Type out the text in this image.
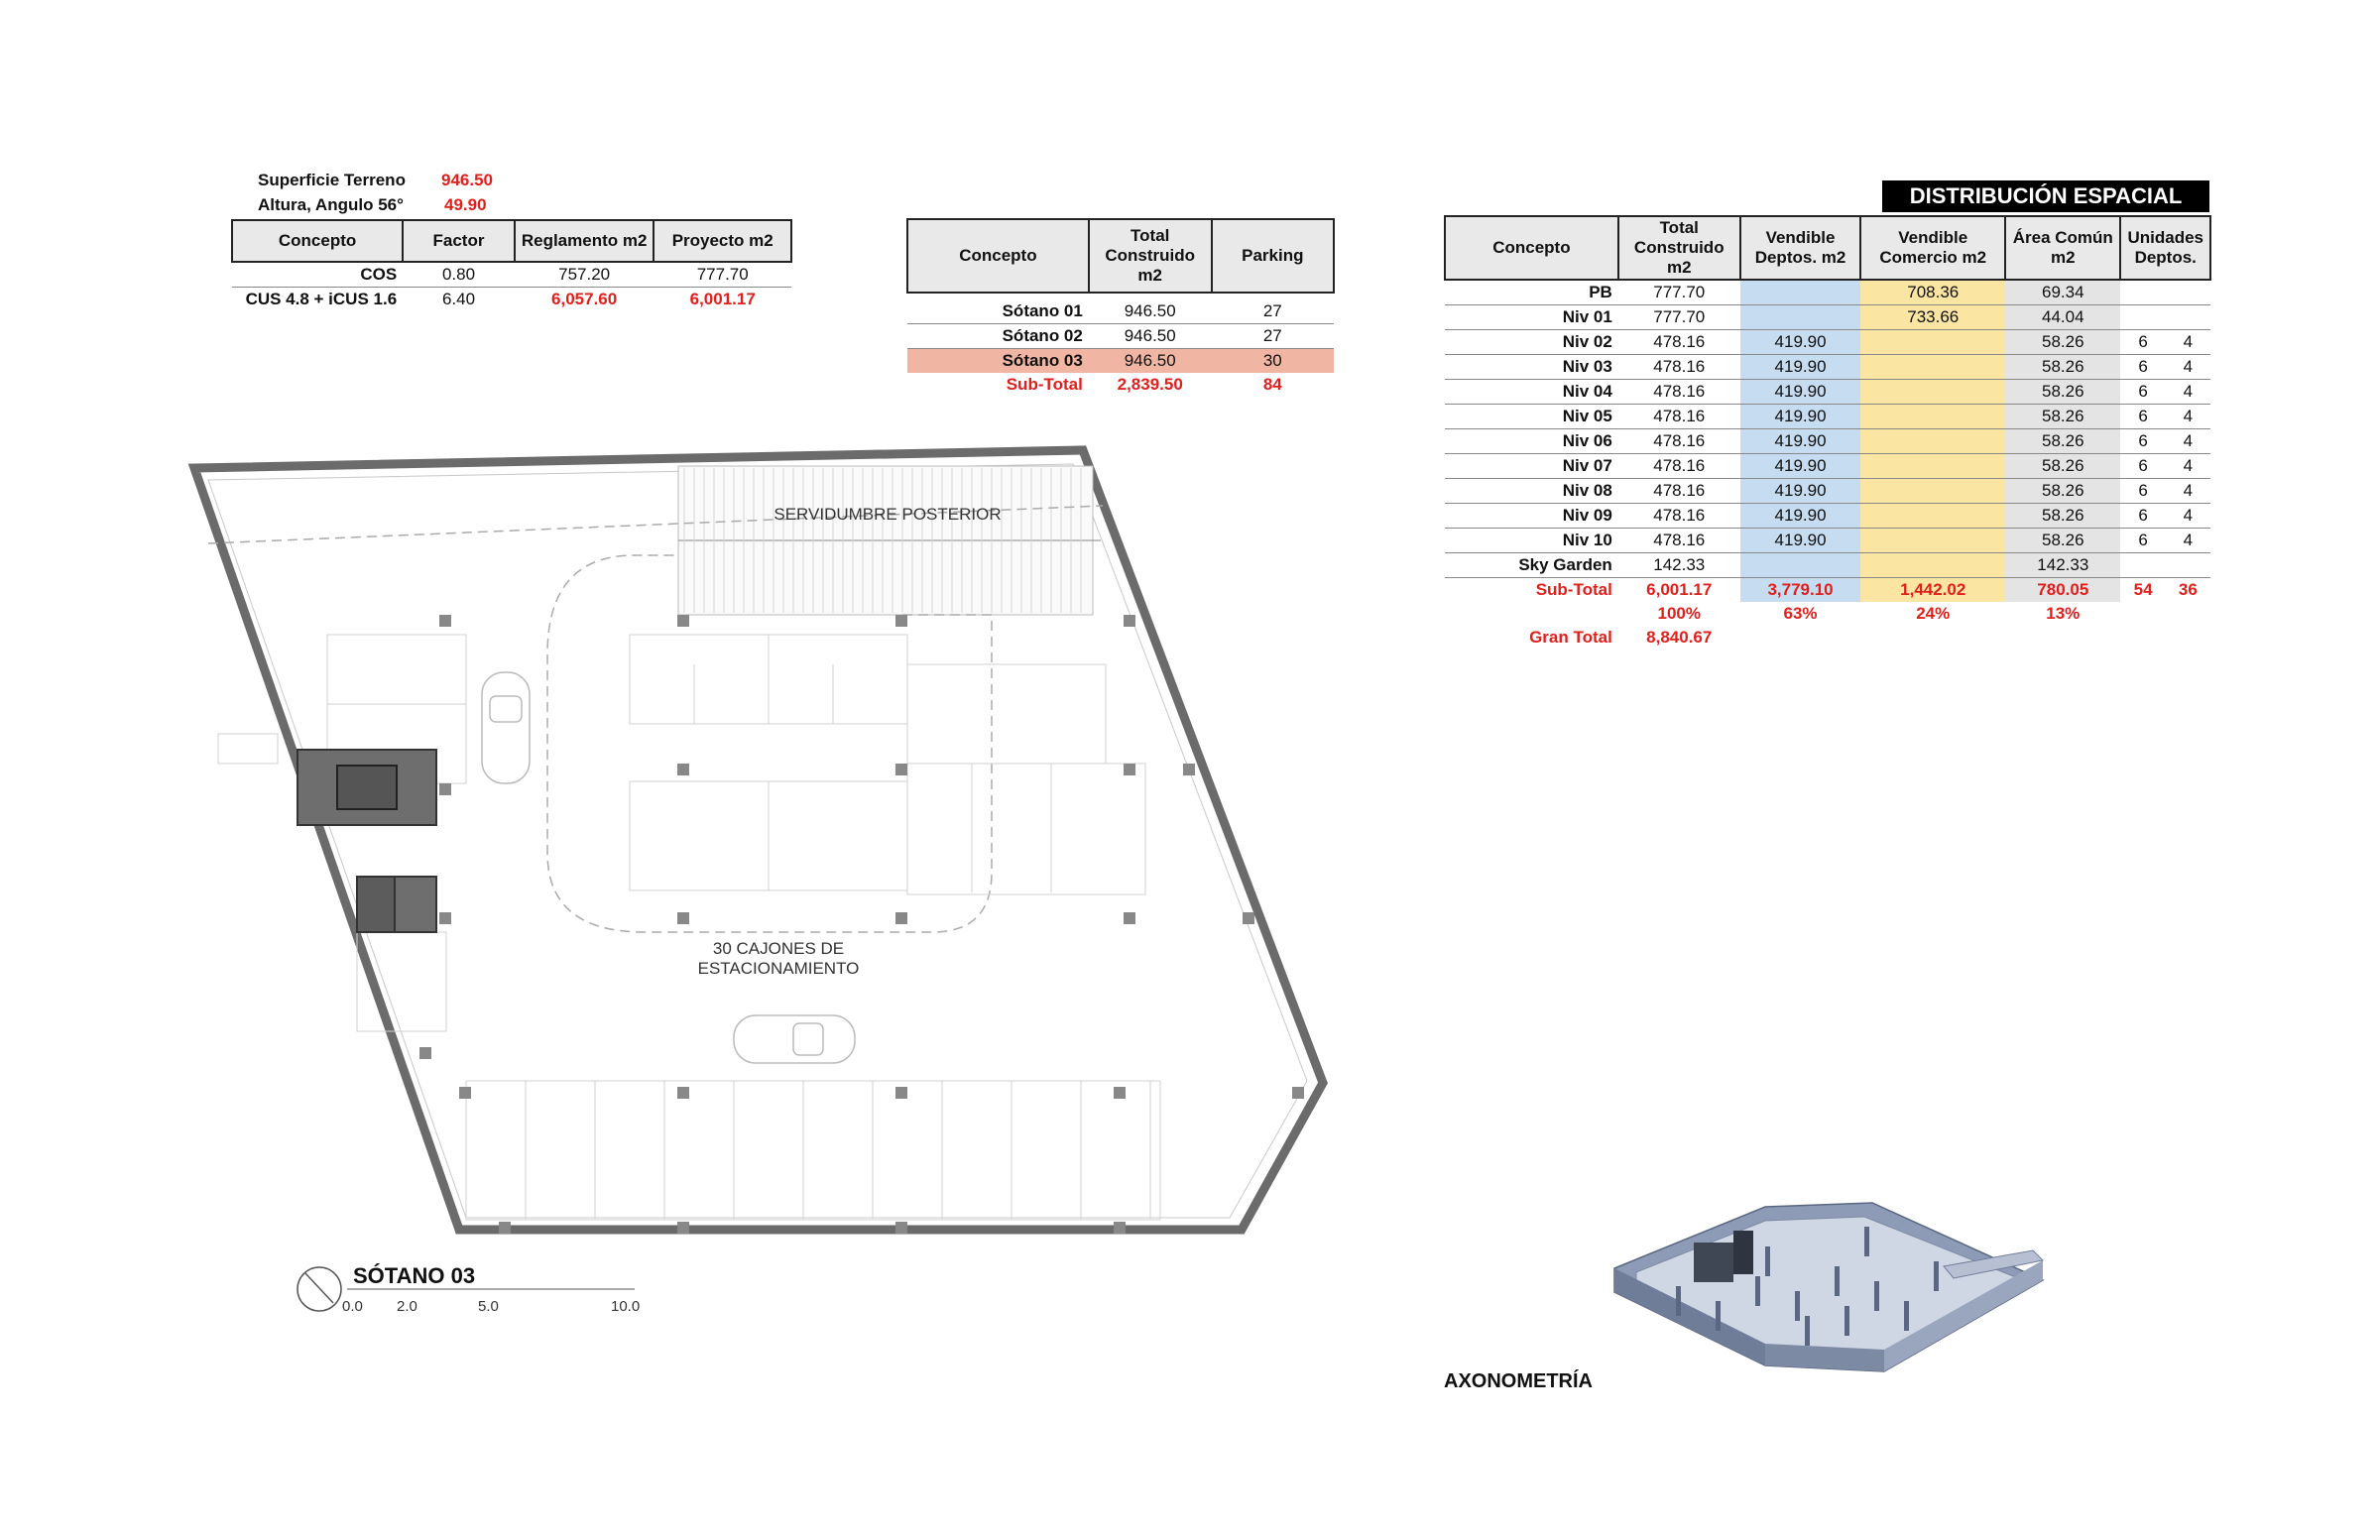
Superficie Terreno 946.50
Altura, Angulo 56° 49.90
Concepto	Factor	Reglamento m2	Proyecto m2
COS	0.80	757.20	777.70
CUS 4.8 + iCUS 1.6	6.40	6,057.60	6,001.17
Concepto	Total Construido m2	Parking

Sótano 01	946.50	27
Sótano 02	946.50	27
Sótano 03	946.50	30
Sub-Total	2,839.50	84
DISTRIBUCIÓN ESPACIAL
Concepto	Total Construido m2	Vendible Deptos. m2	Vendible Comercio m2	Área Común m2	Unidades Deptos.	
PB	777.70		708.36	69.34		
Niv 01	777.70		733.66	44.04		
Niv 02	478.16	419.90		58.26	6	4
Niv 03	478.16	419.90		58.26	6	4
Niv 04	478.16	419.90		58.26	6	4
Niv 05	478.16	419.90		58.26	6	4
Niv 06	478.16	419.90		58.26	6	4
Niv 07	478.16	419.90		58.26	6	4
Niv 08	478.16	419.90		58.26	6	4
Niv 09	478.16	419.90		58.26	6	4
Niv 10	478.16	419.90		58.26	6	4
Sky Garden	142.33			142.33		
Sub-Total	6,001.17	3,779.10	1,442.02	780.05	54	36
	100%	63%	24%	13%		
Gran Total	8,840.67					
SERVIDUMBRE POSTERIOR
30 CAJONES DE
ESTACIONAMIENTO
SÓTANO 03
0.0 2.0	5.0	10.0
AXONOMETRÍA
